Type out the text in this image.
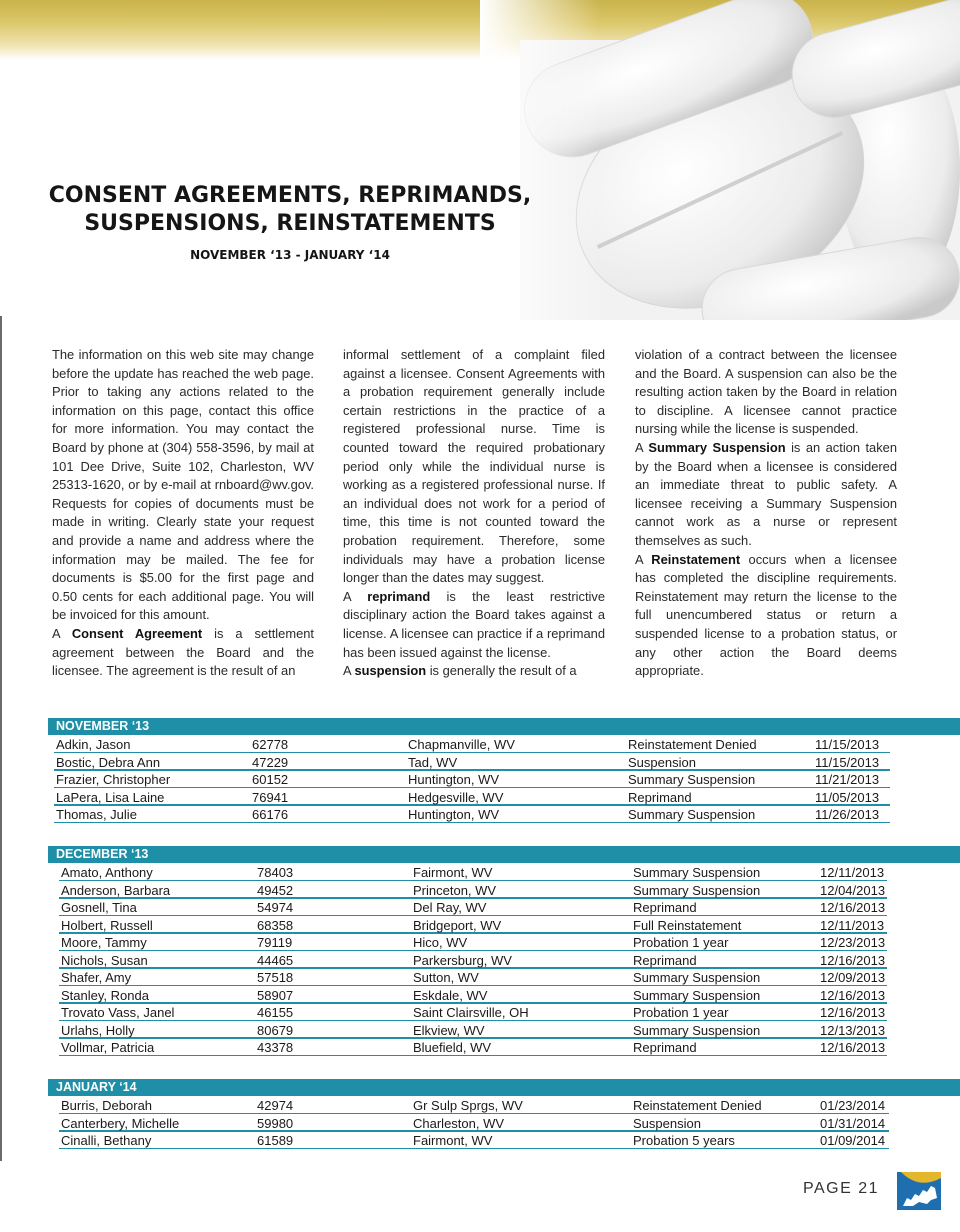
CONSENT AGREEMENTS, REPRIMANDS,
SUSPENSIONS, REINSTATEMENTS
NOVEMBER ‘13 - JANUARY ‘14

The information on this web site may change before the update has reached the web page. Prior to taking any actions related to the information on this page, contact this office for more information. You may contact the Board by phone at (304) 558-3596, by mail at 101 Dee Drive, Suite 102, Charleston, WV 25313-1620, or by e-mail at rnboard@wv.gov. Requests for copies of documents must be made in writing. Clearly state your request and provide a name and address where the information may be mailed. The fee for documents is $5.00 for the first page and 0.50 cents for each additional page. You will be invoiced for this amount.

A Consent Agreement is a settlement agreement between the Board and the licensee. The agreement is the result of an

informal settlement of a complaint filed against a licensee. Consent Agreements with a probation requirement generally include certain restrictions in the practice of a registered professional nurse. Time is counted toward the required probationary period only while the individual nurse is working as a registered professional nurse. If an individual does not work for a period of time, this time is not counted toward the probation requirement. Therefore, some individuals may have a probation license longer than the dates may suggest.

A reprimand is the least restrictive disciplinary action the Board takes against a license. A licensee can practice if a reprimand has been issued against the license.

A suspension is generally the result of a

violation of a contract between the licensee and the Board. A suspension can also be the resulting action taken by the Board in relation to discipline. A licensee cannot practice nursing while the license is suspended.

A Summary Suspension is an action taken by the Board when a licensee is considered an immediate threat to public safety. A licensee receiving a Summary Suspension cannot work as a nurse or represent themselves as such.

A Reinstatement occurs when a licensee has completed the discipline requirements. Reinstatement may return the license to the full unencumbered status or return a suspended license to a probation status, or any other action the Board deems appropriate.

NOVEMBER ‘13
Adkin, Jason	62778	Chapmanville, WV	Reinstatement Denied	11/15/2013
Bostic, Debra Ann	47229	Tad, WV	Suspension	11/15/2013
Frazier, Christopher	60152	Huntington, WV	Summary Suspension	11/21/2013
LaPera, Lisa Laine	76941	Hedgesville, WV	Reprimand	11/05/2013
Thomas, Julie	66176	Huntington, WV	Summary Suspension	11/26/2013
DECEMBER ‘13
Amato, Anthony	78403	Fairmont, WV	Summary Suspension	12/11/2013
Anderson, Barbara	49452	Princeton, WV	Summary Suspension	12/04/2013
Gosnell, Tina	54974	Del Ray, WV	Reprimand	12/16/2013
Holbert, Russell	68358	Bridgeport, WV	Full Reinstatement	12/11/2013
Moore, Tammy	79119	Hico, WV	Probation 1 year	12/23/2013
Nichols, Susan	44465	Parkersburg, WV	Reprimand	12/16/2013
Shafer, Amy	57518	Sutton, WV	Summary Suspension	12/09/2013
Stanley, Ronda	58907	Eskdale, WV	Summary Suspension	12/16/2013
Trovato Vass, Janel	46155	Saint Clairsville, OH	Probation 1 year	12/16/2013
Urlahs, Holly	80679	Elkview, WV	Summary Suspension	12/13/2013
Vollmar, Patricia	43378	Bluefield, WV	Reprimand	12/16/2013
JANUARY ‘14
Burris, Deborah	42974	Gr Sulp Sprgs, WV	Reinstatement Denied	01/23/2014
Canterbery, Michelle	59980	Charleston, WV	Suspension	01/31/2014
Cinalli, Bethany	61589	Fairmont, WV	Probation 5 years	01/09/2014
PAGE 21
